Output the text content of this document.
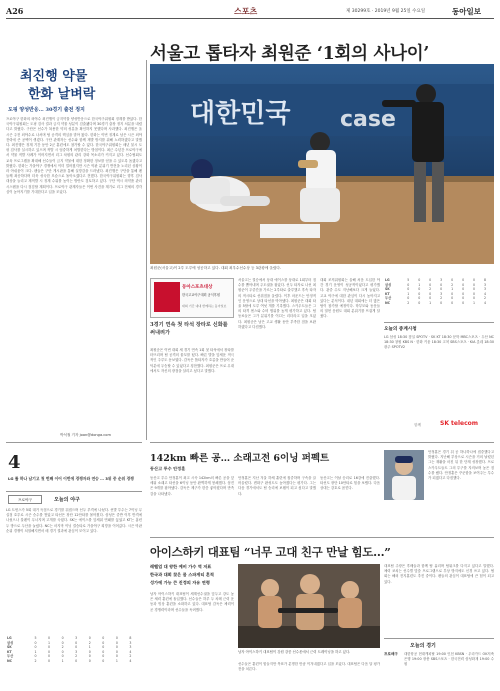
A26	스포츠	제 30299호 · 2019년 9월 25일 수요일	동아일보
서울고 톱타자 최원준 ‘1회의 사나이’
최진행 약물
한화 날벼락
도핑 양성반응… 30경기 출전 정지
프로야구 한화의 외야수 최진행이 금지약물 양성반응으로 한국야구위원회 징계를 받았다. 한국야구위원회는 도핑 검사 결과 금지 약물 성분이 검출됐다며 30경기 출장 정지 처분을 내렸다고 밝혔다. 구단은 선수가 복용한 약의 성분을 확인하지 못했다며 사과했다. 최진행은 올 시즌 주전 외야수로 나서며 팀 공격의 핵심을 맡아 왔다. 한화는 이번 징계로 남은 시즌 외야 전력에 큰 공백이 생겼다. 구단 관계자는 선수와 함께 재발 방지를 위해 노력하겠다고 말했다. 최진행은 징계 기간 동안 2군 훈련에도 참가할 수 없다. 한국야구위원회는 매년 불시 도핑 검사를 실시하고 있으며 적발 시 엄중하게 처벌한다는 방침이다. 최근 수년간 프로야구에서 약물 적발 사례가 이어지면서 리그 차원의 관리 강화 목소리가 커지고 있다. 선수협회도 교육 프로그램을 확대해 선수들이 금지 약물에 대한 정확한 정보를 얻을 수 있도록 돕겠다고 밝혔다. 한화는 가을야구 경쟁에서 이미 멀어졌지만 시즌 막판 분위기 반전을 노리던 상황이라 아쉬움이 크다. 팬들은 구단 게시판을 통해 실망감을 드러냈다. 최진행은 구단을 통해 팬들께 죄송하다며 더욱 성숙한 모습으로 돌아오겠다고 전했다. 한국야구위원회는 향후 검사 대상을 늘리고 재적발 시 징계 수위를 높이는 방안도 검토하고 있다. 구단 역시 의약품 관리 시스템을 다시 점검할 계획이다. 프로야구 관계자들은 이번 사건을 계기로 리그 전체의 경각심이 높아지기를 기대한다고 입을 모았다.
박석철 기자 joon@donga.com
4
LG 톨 하나 남기고 첫 번째 이어 이번에 경쟁자와 연승 … 3위 중 순위 경쟁
프로야구	오늘의 야구
LG 트윈스가 5회 대거 득점으로 경기를 뒤집으며 선두 추격에 나섰다. 선발 투수는 7이닝 무실점 호투로 시즌 승수를 쌓았고 타선은 장단 12안타를 몰아쳤다. 삼성은 중반 이후 반격에 나섰으나 불펜이 무너지며 고개를 숙였다. SK는 에이스를 앞세워 연패를 끊었고 KT는 홈런 두 방으로 두산을 눌렀다. NC는 마지막 이닝 결승타로 가을야구 희망을 이어갔다. 시즌 막판 순위 경쟁이 치열해지면서 매 경기 결과에 관심이 모이고 있다.
LG	5	0	0	3	0	0	0	8
삼성	0	1	0	0	2	0	0	3
SK	0	0	2	0	1	0	0	3
KT	1	0	0	3	0	0	0	4
두산	0	0	0	2	0	0	0	2
NC	2	0	1	0	0	0	1	4
대한민국 case
최원준(서울고)이 2루 도루에 성공하고 있다. 대회 최우수선수상 등 3관왕에 올랐다.
동아스포츠대상
한국고교야구대회 공식후원
대회 기간 내내 함께하는 동아일보
3경기 연속 첫 타석 장타로 신화를 써내려가
최원준은 이번 대회 세 경기 연속 1회 첫 타석에서 장타를 터뜨리며 팀 공격의 물꼬를 텄다. 빠른 발을 앞세운 적극적인 주루도 돋보였다. 감독은 톱타자가 흐름을 만들어 준 덕분에 우승할 수 있었다고 칭찬했다. 최원준은 프로 무대에서도 자신의 장점을 살리고 싶다고 말했다.
서울고는 결승에서 상대 에이스를 상대로 1회부터 점수를 뽑아내며 주도권을 잡았다. 선두 타자로 나선 최원준이 우중간을 가르는 2루타로 출루했고 후속 타자의 적시타로 선취점을 올렸다. 이후 마운드는 안정적인 운영으로 상대 타선을 막아냈다. 최원준은 대회 타율 5할에 도루 여섯 개를 기록했다. 스카우트들은 그의 타격 센스와 수비 범위를 높게 평가하고 있다. 팀 동료들은 그가 분위기를 이끄는 리더라고 입을 모았다. 최원준은 남은 고교 생활 동안 부족한 점을 보완하겠다고 다짐했다.
대회 조직위원회는 올해 처음 도입한 야간 경기 운영이 성공적이었다고 평가했다. 관중 수도 지난해보다 크게 늘었다. 고교 야구에 대한 관심이 다시 높아지고 있다는 분석이다. 내년 대회에는 더 많은 팀이 참가할 예정이다. 학부모와 동문들의 열띤 응원도 대회 분위기를 뜨겁게 달궜다.
LG	5	0	0	3	0	0	0	8
삼성	0	1	0	0	2	0	0	3
SK	0	0	2	0	1	0	0	3
KT	1	0	0	3	0	0	0	4
두산	0	0	0	2	0	0	0	2
NC	2	0	1	0	0	0	1	4
오늘의 중계시청
LG 삼성 18:30 잠실 SPOTV · SK KT 18:30 문학 MBC스포츠 · 두산 NC 18:30 창원 KBS N · 한화 키움 18:30 고척 SBS스포츠 · KIA 롯데 18:30 광주 SPOTV2
함께	SK telecom
142km 빠른 공… 소래고전 6이닝 퍼펙트
동산고 투수 안정훈
동산고 투수 안정훈이 최고 시속 142km의 빠른 공을 앞세워 소래고 타선을 6이닝 동안 완벽하게 봉쇄했다. 삼진은 9개를 잡아냈다. 감독은 제구가 한층 좋아졌다며 만족감을 나타냈다.
안정훈은 지난 겨울 하체 훈련에 집중하며 구속을 끌어올렸다. 변화구 완성도도 높아졌다는 평가다. 그는 다음 경기에서도 팀 승리에 보탬이 되고 싶다고 말했다.
동산고는 이날 승리로 16강에 진출했다. 타선도 장단 10안타로 힘을 보탰다. 다음 상대는 강호로 꼽힌다.
안정훈은 경기 뒤 공 하나하나에 집중했다고 밝혔다. 지난해 부상으로 시즌을 거의 날렸던 그는 재활을 마친 뒤 한 단계 성장했다. 프로 스카우트들도 그의 투구를 지켜보며 높은 점수를 줬다. 안정훈은 꾸준함을 보여주는 투수가 되겠다고 다짐했다.
아이스하키 대표팀 “너무 고대 친구 만날 힘도…”
레벨업 대 왕한 예비 가수 역 저표
한국과 대회 찾은 몸 스파게티 흔적
성가에 가능 큰 진정의 자유 연령
남자 아이스하키 대표팀이 세계선수권을 앞두고 강도 높은 체력 훈련에 돌입했다. 선수들은 하루 두 차례 근력 운동과 빙상 훈련을 소화하고 있다. 대표팀 감독은 체력이 곧 경쟁력이라며 선수들을 독려했다.
남자 아이스하키 대표팀이 강원 강릉 선수촌에서 근력 트레이닝을 하고 있다.
선수들은 훈련이 힘들지만 목표가 분명한 만큼 이겨내겠다고 입을 모았다. 대표팀은 다음 달 평가전을 치른다.
대표팀 주장은 후배들과 함께 땀 흘리며 팀워크를 다지고 있다고 말했다. 체력 코치는 선수별 맞춤 프로그램으로 부상 방지에도 신경 쓰고 있다. 협회는 해외 전지훈련도 추진 중이다. 팬들의 관심이 대표팀에 큰 힘이 되고 있다.
오늘의 경기
프로배구 대한항공 현대캐피탈 19:00 인천 KBSN · 우리카드 OK저축은행 19:00 장충 SBS스포츠 · 한국전력 삼성화재 19:00 수원
